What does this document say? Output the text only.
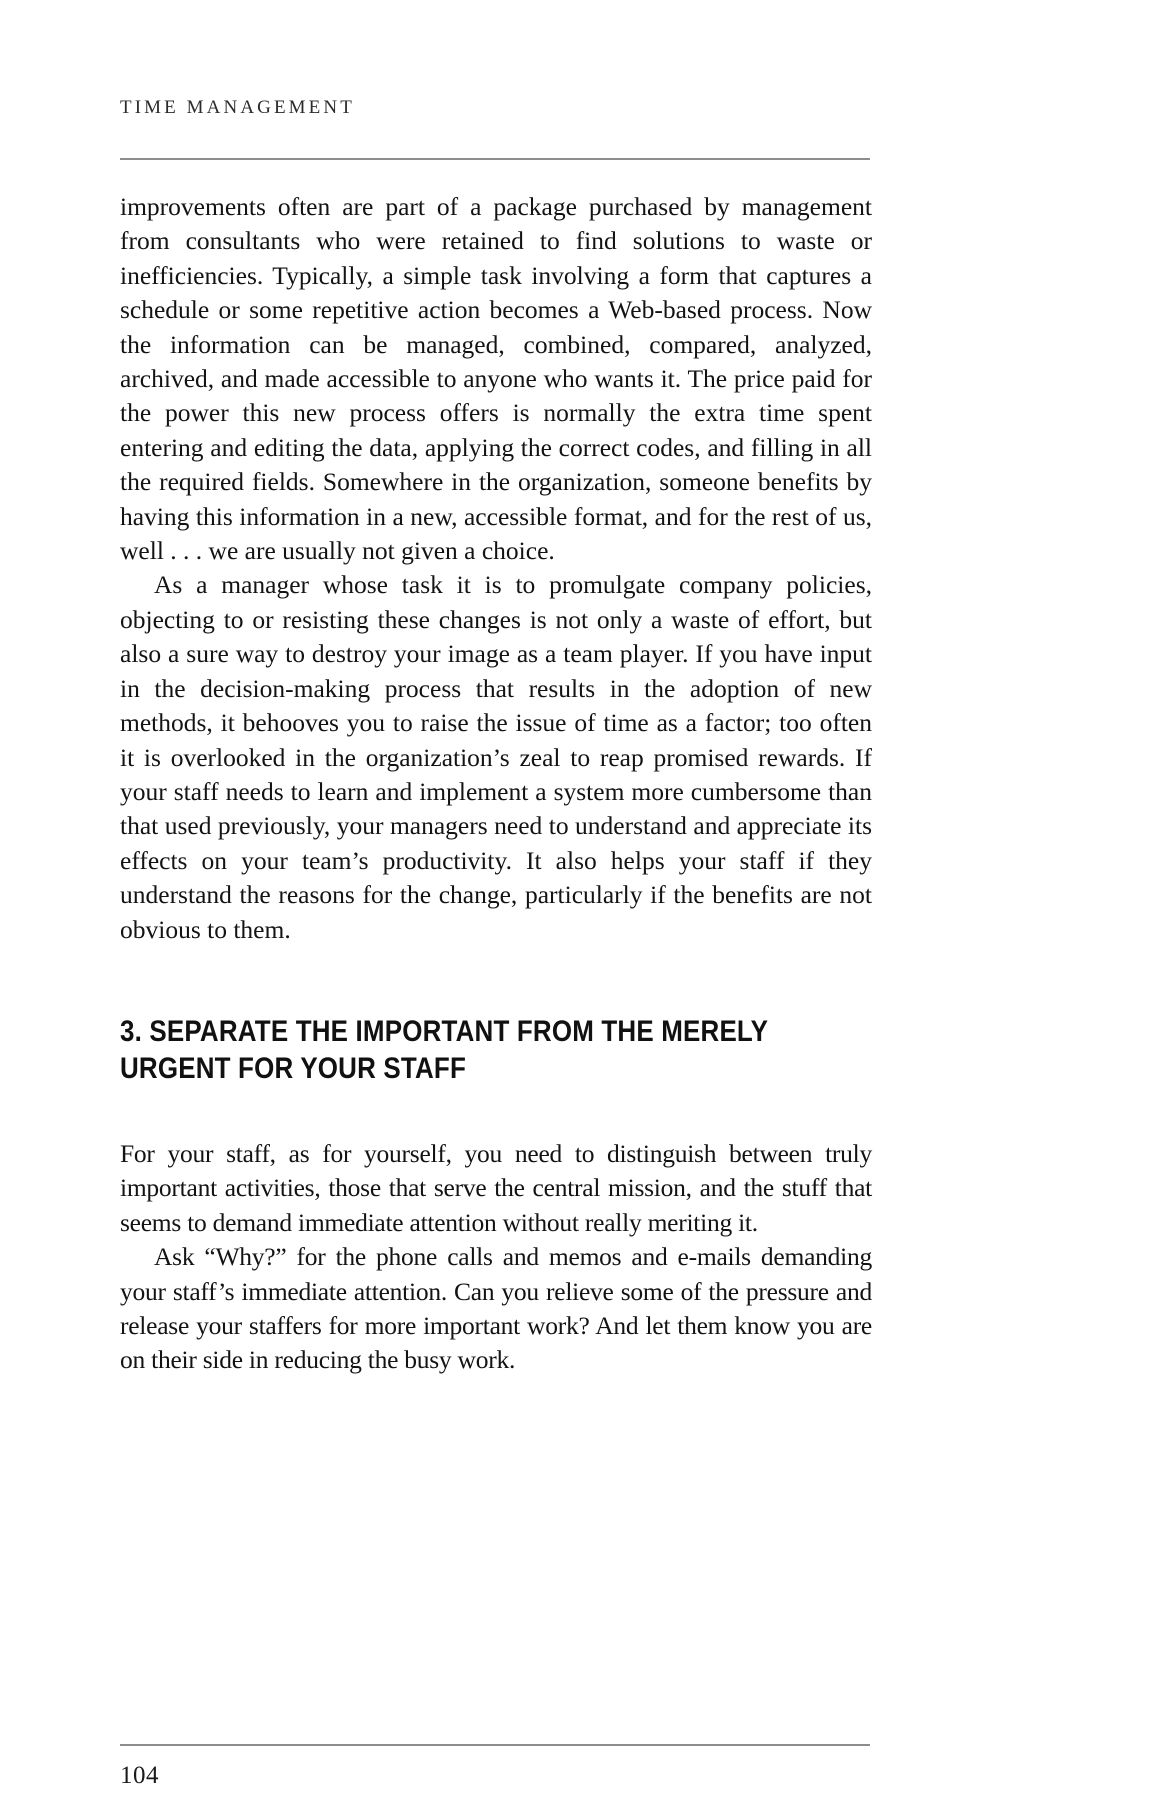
TIME MANAGEMENT

improvements often are part of a package purchased by management from consultants who were retained to find solutions to waste or inefficiencies. Typically, a simple task involving a form that captures a schedule or some repetitive action becomes a Web-based process. Now the information can be managed, combined, compared, analyzed, archived, and made accessible to anyone who wants it. The price paid for the power this new process offers is normally the extra time spent entering and editing the data, applying the correct codes, and filling in all the required fields. Somewhere in the organization, someone benefits by having this information in a new, accessible format, and for the rest of us, well . . . we are usually not given a choice.

As a manager whose task it is to promulgate company policies, objecting to or resisting these changes is not only a waste of effort, but also a sure way to destroy your image as a team player. If you have input in the decision-making process that results in the adoption of new methods, it behooves you to raise the issue of time as a factor; too often it is overlooked in the organization’s zeal to reap promised rewards. If your staff needs to learn and implement a system more cumbersome than that used previously, your managers need to understand and appreciate its effects on your team’s productivity. It also helps your staff if they understand the reasons for the change, particularly if the benefits are not obvious to them.

3. SEPARATE THE IMPORTANT FROM THE MERELY URGENT FOR YOUR STAFF

For your staff, as for yourself, you need to distinguish between truly important activities, those that serve the central mission, and the stuff that seems to demand immediate attention without really meriting it.

Ask “Why?” for the phone calls and memos and e-mails demanding your staff’s immediate attention. Can you relieve some of the pressure and release your staffers for more important work? And let them know you are on their side in reducing the busy work.

104
